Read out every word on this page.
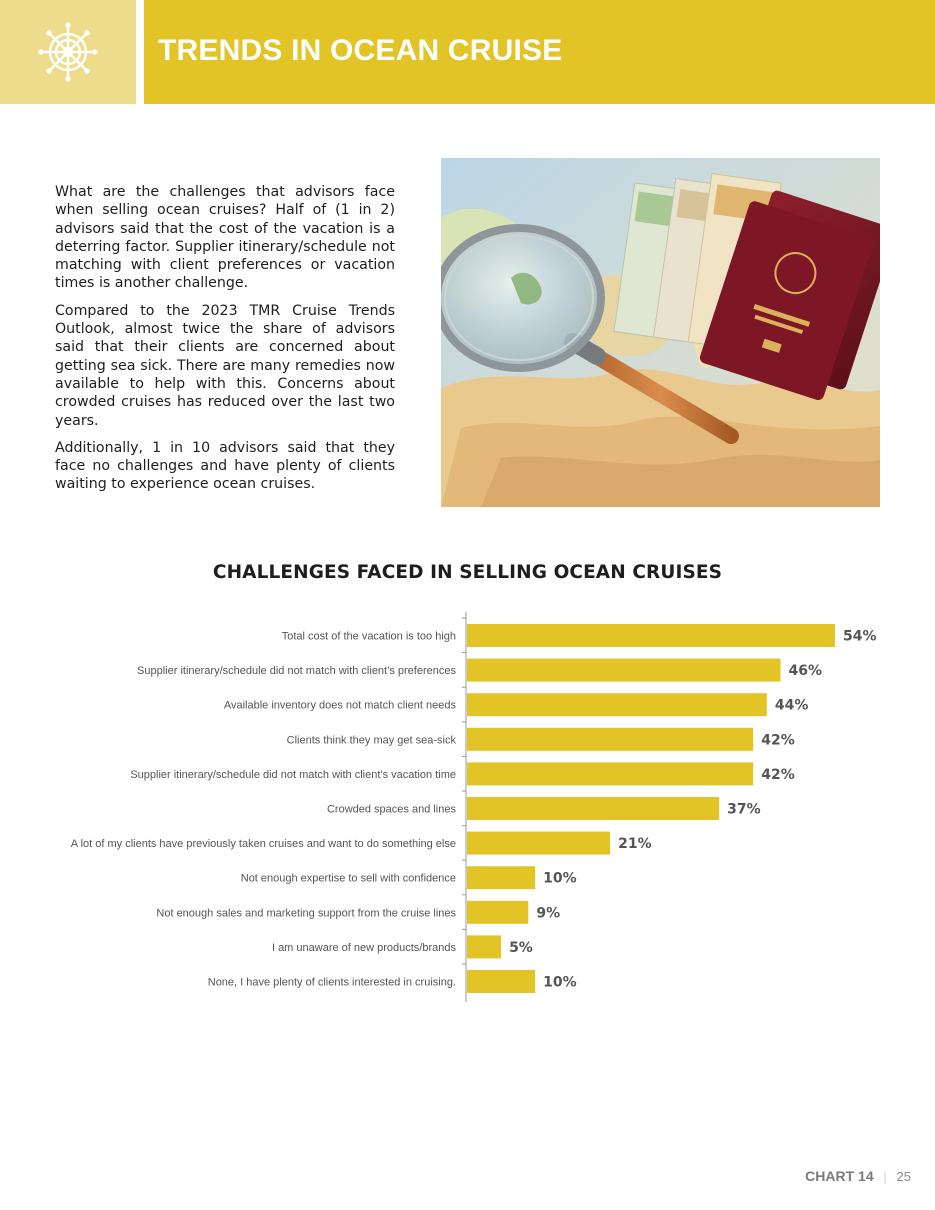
TRENDS IN OCEAN CRUISE

What are the challenges that advisors face when selling ocean cruises? Half of (1 in 2) advisors said that the cost of the vacation is a deterring factor. Supplier itinerary/schedule not matching with client preferences or vacation times is another challenge.

Compared to the 2023 TMR Cruise Trends Outlook, almost twice the share of advisors said that their clients are concerned about getting sea sick. There are many remedies now available to help with this. Concerns about crowded cruises has reduced over the last two years.

Additionally, 1 in 10 advisors said that they face no challenges and have plenty of clients waiting to experience ocean cruises.

CHALLENGES FACED IN SELLING OCEAN CRUISES
Total cost of the vacation is too high	54%
Supplier itinerary/schedule did not match with client’s preferences	46%
Available inventory does not match client needs	44%
Clients think they may get sea-sick	42%
Supplier itinerary/schedule did not match with client’s vacation time	42%
Crowded spaces and lines	37%
A lot of my clients have previously taken cruises and want to do something else	21%
Not enough expertise to sell with confidence	10%
Not enough sales and marketing support from the cruise lines	9%
I am unaware of new products/brands	5%
None, I have plenty of clients interested in cruising.	10%
CHART 14 | 25
